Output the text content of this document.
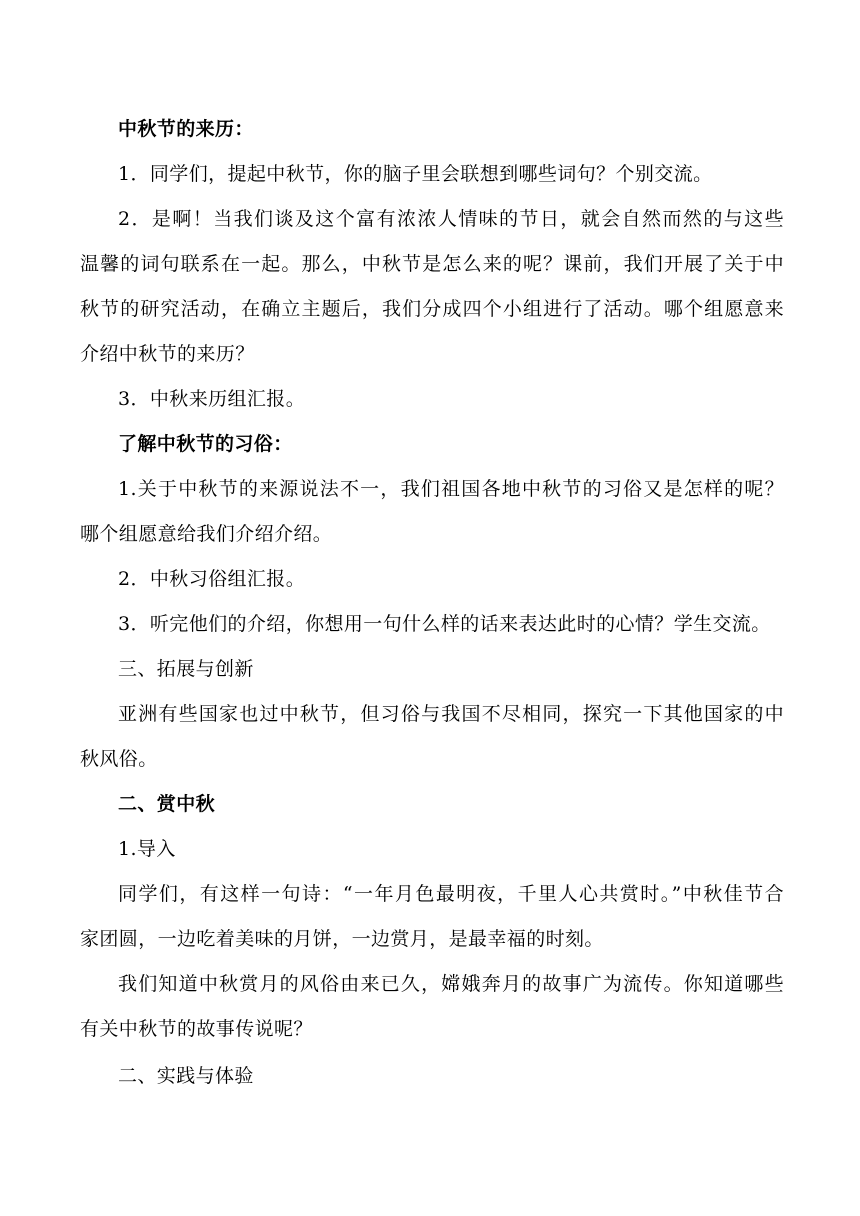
中秋节的来历：
1．同学们，提起中秋节，你的脑子里会联想到哪些词句？个别交流。
2．是啊！当我们谈及这个富有浓浓人情味的节日，就会自然而然的与这些
温馨的词句联系在一起。那么，中秋节是怎么来的呢？课前，我们开展了关于中
秋节的研究活动，在确立主题后，我们分成四个小组进行了活动。哪个组愿意来
介绍中秋节的来历？
3．中秋来历组汇报。
了解中秋节的习俗：
1.关于中秋节的来源说法不一，我们祖国各地中秋节的习俗又是怎样的呢？
哪个组愿意给我们介绍介绍。
2．中秋习俗组汇报。
3．听完他们的介绍，你想用一句什么样的话来表达此时的心情？学生交流。
三、拓展与创新
亚洲有些国家也过中秋节，但习俗与我国不尽相同，探究一下其他国家的中
秋风俗。
二、赏中秋
1.导入
同学们，有这样一句诗：“一年月色最明夜，千里人心共赏时。”中秋佳节合
家团圆，一边吃着美味的月饼，一边赏月，是最幸福的时刻。
我们知道中秋赏月的风俗由来已久，嫦娥奔月的故事广为流传。你知道哪些
有关中秋节的故事传说呢？
二、实践与体验
